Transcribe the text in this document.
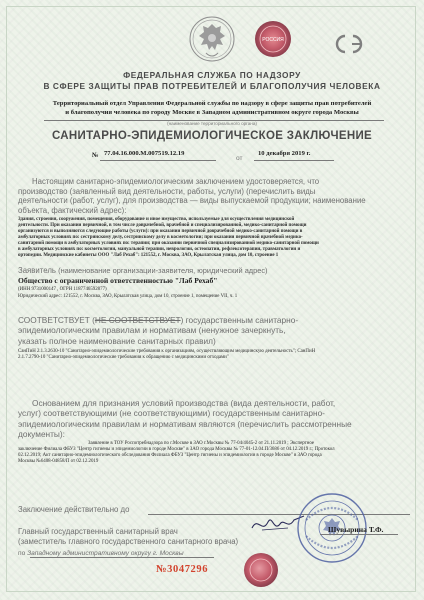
РОССИЯ
ФЕДЕРАЛЬНАЯ СЛУЖБА ПО НАДЗОРУ
В СФЕРЕ ЗАЩИТЫ ПРАВ ПОТРЕБИТЕЛЕЙ И БЛАГОПОЛУЧИЯ ЧЕЛОВЕКА
Территориальный отдел Управления Федеральной службы по надзору в сфере защиты прав потребителей
и благополучия человека по городу Москве в Западном административном округе города Москвы
(наименование территориального органа)
САНИТАРНО-ЭПИДЕМИОЛОГИЧЕСКОЕ ЗАКЛЮЧЕНИЕ
№ 77.04.16.000.М.007519.12.19
от
10 декабря 2019 г.
Настоящим санитарно-эпидемиологическим заключением удостоверяется, что
производство (заявленный вид деятельности, работы, услуги) (перечислить виды
деятельности (работ, услуг), для производства — виды выпускаемой продукции; наименование
объекта, фактический адрес):
Здания, строения, сооружения, помещения, оборудование и иное имущество, используемые для осуществления медицинской
деятельности. При оказании первичной, в том числе доврачебной, врачебной и специализированной, медико-санитарной помощи
организуются и выполняются следующие работы (услуги): при оказании первичной доврачебной медико-санитарной помощи в
амбулаторных условиях по: сестринскому делу, сестринскому делу в косметологии; при оказании первичной врачебной медико-
санитарной помощи в амбулаторных условиях по: терапии; при оказании первичной специализированной медико-санитарной помощи
в амбулаторных условиях по: косметологии, мануальной терапии, неврологии, остеопатии, рефлексотерапии, травматологии и
ортопедии. Медицинские кабинеты ООО "Лаб Рехаб": 121552, г. Москва, ЗАО, Крылатская улица, дом 10, строение 1
Заявитель (наименование организации-заявителя, юридический адрес)
Общество с ограниченной ответственностью "Лаб Рехаб"
(ИНН 9731000147 , ОГРН 1187746592877)
Юридический адрес: 121552, г. Москва, ЗАО, Крылатская улица, дом 10, строение 1, помещение VII, ч. 1
СООТВЕТСТВУЕТ (НЕ СООТВЕТСТВУЕТ) государственным санитарно-
эпидемиологическим правилам и нормативам (ненужное зачеркнуть,
указать полное наименование санитарных правил)
СанПиН 2.1.3.2630-10 "Санитарно-эпидемиологические требования к организациям, осуществляющим медицинскую деятельность"; СанПиН
2.1.7.2790-10 "Санитарно-эпидемиологические требования к обращению с медицинскими отходами"
Основанием для признания условий производства (вида деятельности, работ,
услуг) соответствующими (не соответствующими) государственным санитарно-
эпидемиологическим правилам и нормативам являются (перечислить рассмотренные
документы):
Заявление в ТОУ Роспотребнадзора по г.Москве в ЗАО г.Москвы № 77-04/4045-2 от 21.11.2019 ; Экспертное
заключение Филиала ФБУЗ "Центр гигиены и эпидемиологии в городе Москве" в ЗАО города Москвы № 77-01-12.04.П/3686 от 04.12.2019 г.; Протокол
02.12.2019; Акт санитарно-эпидемиологического обследования Филиала ФБУЗ "Центр гигиены и эпидемиологии в городе Москве" в ЗАО города
Москвы №6408-04858/П от 02.12.2019
Заключение действительно до
Главный государственный санитарный врач
(заместитель главного государственного санитарного врача)
по Западному административному округу г. Москвы
Шувырина Т.Ф.
№3047296
